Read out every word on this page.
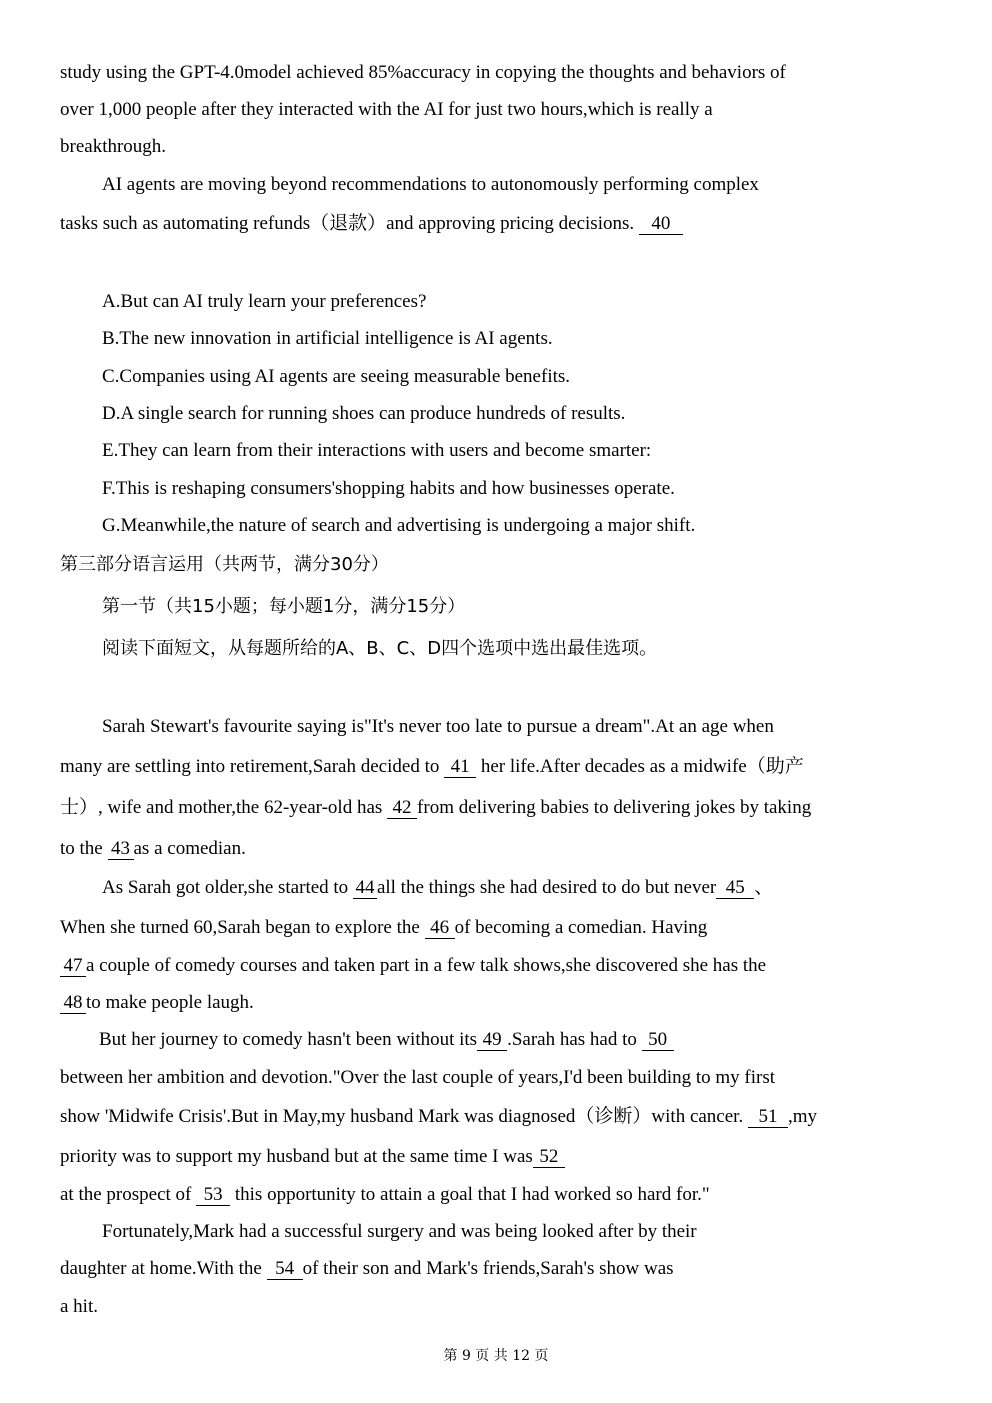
study using the GPT-4.0model achieved 85%accuracy in copying the thoughts and behaviors of

over 1,000 people after they interacted with the AI for just two hours,which is really a

breakthrough.

AI agents are moving beyond recommendations to autonomously performing complex

tasks such as automating refunds（退款）and approving pricing decisions. 40

A.But can AI truly learn your preferences?

B.The new innovation in artificial intelligence is AI agents.

C.Companies using AI agents are seeing measurable benefits.

D.A single search for running shoes can produce hundreds of results.

E.They can learn from their interactions with users and become smarter:

F.This is reshaping consumers'shopping habits and how businesses operate.

G.Meanwhile,the nature of search and advertising is undergoing a major shift.

第三部分语言运用（共两节，满分30分）

第一节（共15小题；每小题1分，满分15分）

阅读下面短文，从每题所给的A、B、C、D四个选项中选出最佳选项。

Sarah Stewart's favourite saying is"It's never too late to pursue a dream".At an age when

many are settling into retirement,Sarah decided to 41 her life.After decades as a midwife（助产

士）, wife and mother,the 62-year-old has 42 from delivering babies to delivering jokes by taking

to the 43 as a comedian.

As Sarah got older,she started to 44 all the things she had desired to do but never 45 、

When she turned 60,Sarah began to explore the 46 of becoming a comedian. Having

47 a couple of comedy courses and taken part in a few talk shows,she discovered she has the

48 to make people laugh.

But her journey to comedy hasn't been without its 49 .Sarah has had to 50

between her ambition and devotion."Over the last couple of years,I'd been building to my first

show 'Midwife Crisis'.But in May,my husband Mark was diagnosed（诊断）with cancer. 51 ,my

priority was to support my husband but at the same time I was 52

at the prospect of 53 this opportunity to attain a goal that I had worked so hard for."

Fortunately,Mark had a successful surgery and was being looked after by their

daughter at home.With the 54 of their son and Mark's friends,Sarah's show was

a hit.

第 9 页 共 12 页
